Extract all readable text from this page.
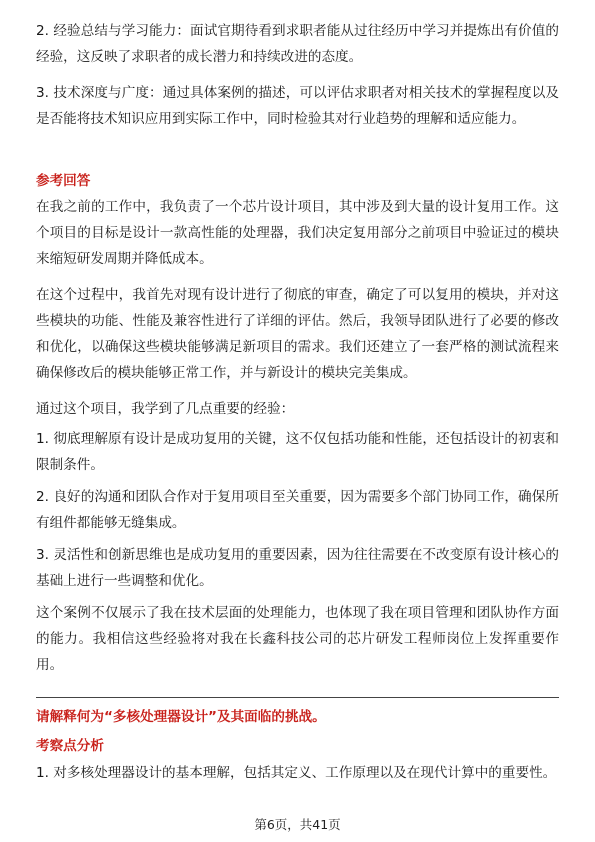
2. 经验总结与学习能力：面试官期待看到求职者能从过往经历中学习并提炼出有价值的经验，这反映了求职者的成长潜力和持续改进的态度。

3. 技术深度与广度：通过具体案例的描述，可以评估求职者对相关技术的掌握程度以及是否能将技术知识应用到实际工作中，同时检验其对行业趋势的理解和适应能力。

参考回答

在我之前的工作中，我负责了一个芯片设计项目，其中涉及到大量的设计复用工作。这个项目的目标是设计一款高性能的处理器，我们决定复用部分之前项目中验证过的模块来缩短研发周期并降低成本。

在这个过程中，我首先对现有设计进行了彻底的审查，确定了可以复用的模块，并对这些模块的功能、性能及兼容性进行了详细的评估。然后，我领导团队进行了必要的修改和优化，以确保这些模块能够满足新项目的需求。我们还建立了一套严格的测试流程来确保修改后的模块能够正常工作，并与新设计的模块完美集成。

通过这个项目，我学到了几点重要的经验：

1. 彻底理解原有设计是成功复用的关键，这不仅包括功能和性能，还包括设计的初衷和限制条件。

2. 良好的沟通和团队合作对于复用项目至关重要，因为需要多个部门协同工作，确保所有组件都能够无缝集成。

3. 灵活性和创新思维也是成功复用的重要因素，因为往往需要在不改变原有设计核心的基础上进行一些调整和优化。

这个案例不仅展示了我在技术层面的处理能力，也体现了我在项目管理和团队协作方面的能力。我相信这些经验将对我在长鑫科技公司的芯片研发工程师岗位上发挥重要作用。

请解释何为“多核处理器设计”及其面临的挑战。

考察点分析

1. 对多核处理器设计的基本理解，包括其定义、工作原理以及在现代计算中的重要性。

第6页，共41页
